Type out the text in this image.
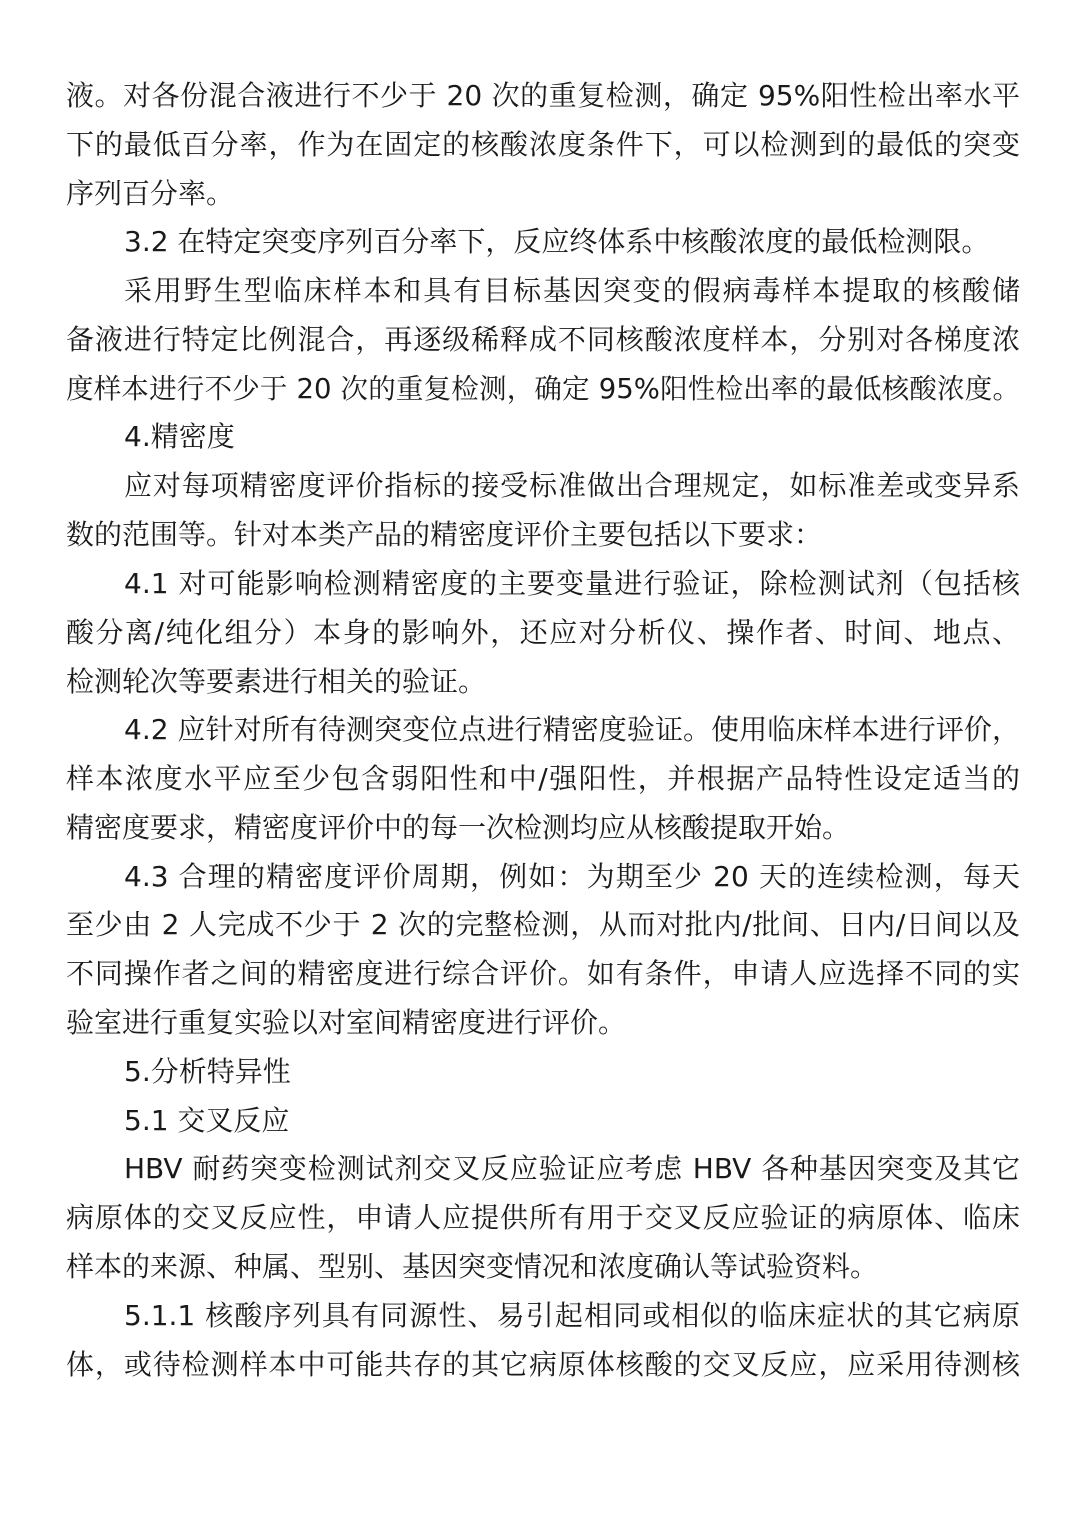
液。对各份混合液进行不少于 20 次的重复检测，确定 95%阳性检出率水平
下的最低百分率，作为在固定的核酸浓度条件下，可以检测到的最低的突变
序列百分率。
3.2 在特定突变序列百分率下，反应终体系中核酸浓度的最低检测限。
采用野生型临床样本和具有目标基因突变的假病毒样本提取的核酸储
备液进行特定比例混合，再逐级稀释成不同核酸浓度样本，分别对各梯度浓
度样本进行不少于 20 次的重复检测，确定 95%阳性检出率的最低核酸浓度。
4.精密度
应对每项精密度评价指标的接受标准做出合理规定，如标准差或变异系
数的范围等。针对本类产品的精密度评价主要包括以下要求：
4.1 对可能影响检测精密度的主要变量进行验证，除检测试剂（包括核
酸分离/纯化组分）本身的影响外，还应对分析仪、操作者、时间、地点、
检测轮次等要素进行相关的验证。
4.2 应针对所有待测突变位点进行精密度验证。使用临床样本进行评价，
样本浓度水平应至少包含弱阳性和中/强阳性，并根据产品特性设定适当的
精密度要求，精密度评价中的每一次检测均应从核酸提取开始。
4.3 合理的精密度评价周期，例如：为期至少 20 天的连续检测，每天
至少由 2 人完成不少于 2 次的完整检测，从而对批内/批间、日内/日间以及
不同操作者之间的精密度进行综合评价。如有条件，申请人应选择不同的实
验室进行重复实验以对室间精密度进行评价。
5.分析特异性
5.1 交叉反应
HBV 耐药突变检测试剂交叉反应验证应考虑 HBV 各种基因突变及其它
病原体的交叉反应性，申请人应提供所有用于交叉反应验证的病原体、临床
样本的来源、种属、型别、基因突变情况和浓度确认等试验资料。
5.1.1 核酸序列具有同源性、易引起相同或相似的临床症状的其它病原
体，或待检测样本中可能共存的其它病原体核酸的交叉反应，应采用待测核
